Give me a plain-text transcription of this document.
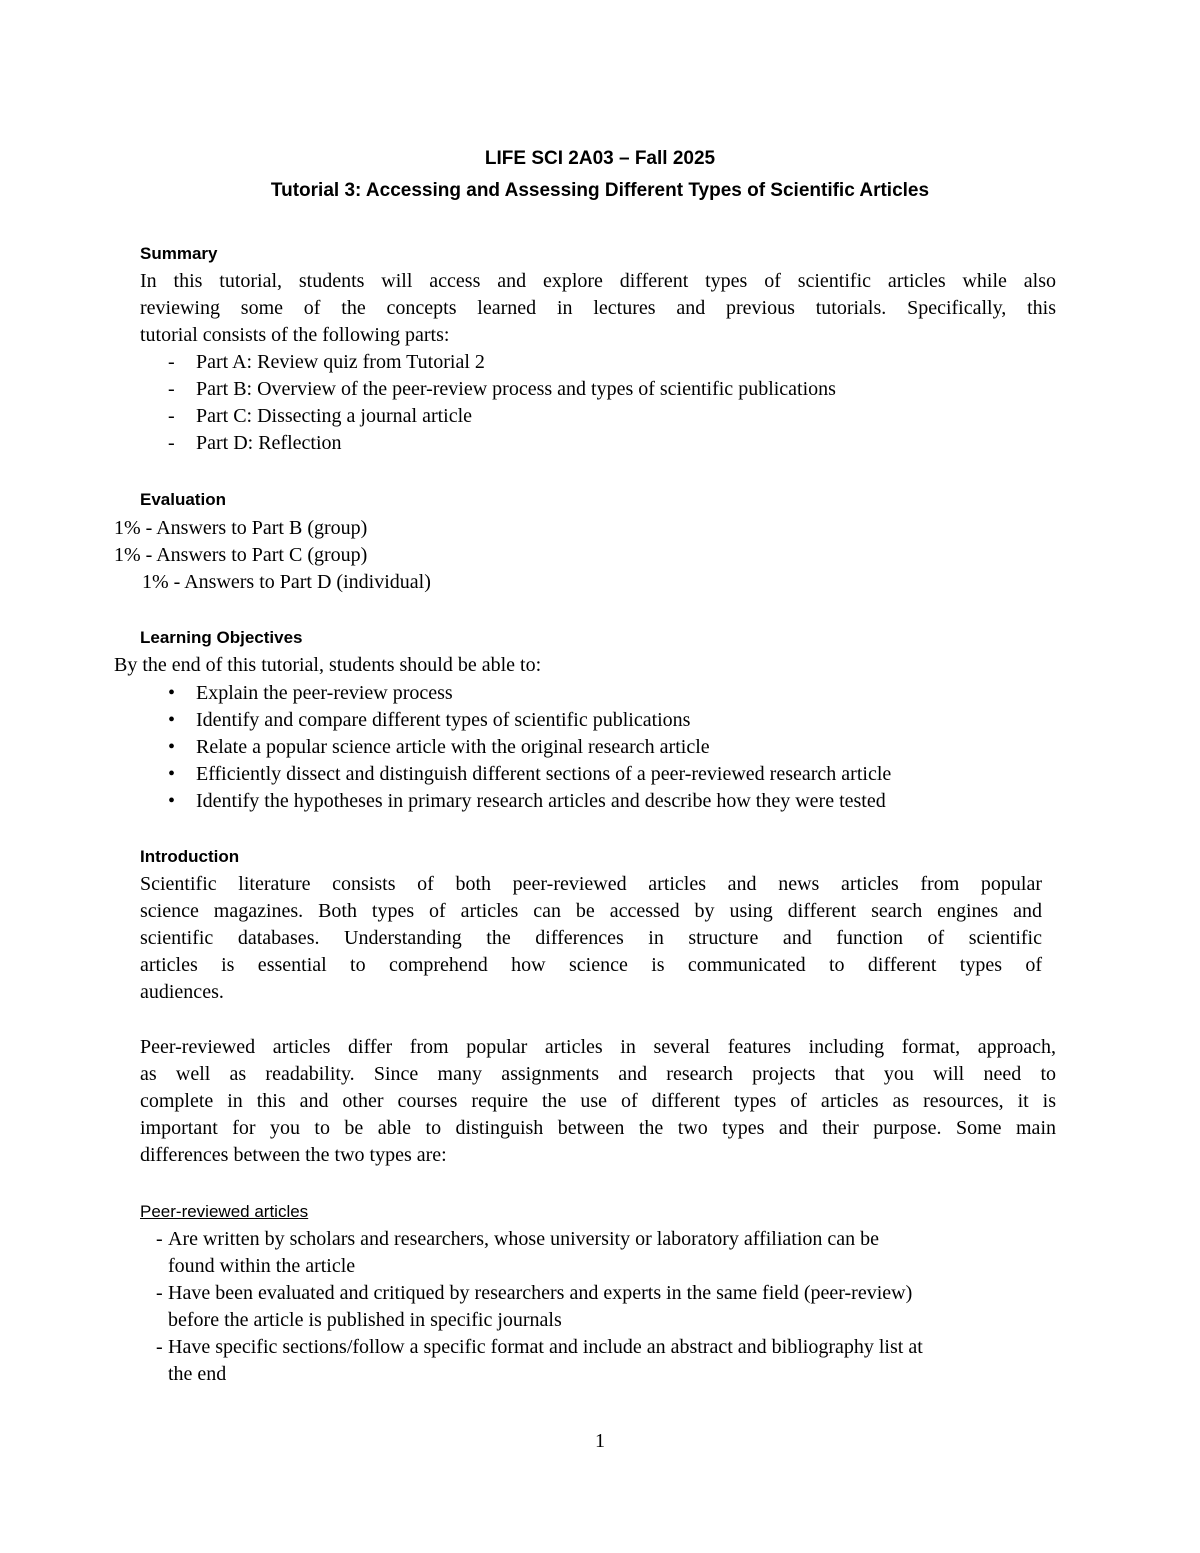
LIFE SCI 2A03 – Fall 2025
Tutorial 3: Accessing and Assessing Different Types of Scientific Articles
Summary
In this tutorial, students will access and explore different types of scientific articles while also
reviewing some of the concepts learned in lectures and previous tutorials. Specifically, this
tutorial consists of the following parts:
-	Part A: Review quiz from Tutorial 2
-	Part B: Overview of the peer-review process and types of scientific publications
-	Part C: Dissecting a journal article
-	Part D: Reflection
Evaluation
1% - Answers to Part B (group)
1% - Answers to Part C (group)
1% - Answers to Part D (individual)
Learning Objectives
By the end of this tutorial, students should be able to:
•	Explain the peer-review process
•	Identify and compare different types of scientific publications
•	Relate a popular science article with the original research article
•	Efficiently dissect and distinguish different sections of a peer-reviewed research article
•	Identify the hypotheses in primary research articles and describe how they were tested
Introduction
Scientific literature consists of both peer-reviewed articles and news articles from popular
science magazines. Both types of articles can be accessed by using different search engines and
scientific databases. Understanding the differences in structure and function of scientific
articles is essential to comprehend how science is communicated to different types of
audiences.
Peer-reviewed articles differ from popular articles in several features including format, approach,
as well as readability. Since many assignments and research projects that you will need to
complete in this and other courses require the use of different types of articles as resources, it is
important for you to be able to distinguish between the two types and their purpose. Some main
differences between the two types are:
Peer-reviewed articles
- Are written by scholars and researchers, whose university or laboratory affiliation can be
found within the article
- Have been evaluated and critiqued by researchers and experts in the same field (peer-review)
before the article is published in specific journals
- Have specific sections/follow a specific format and include an abstract and bibliography list at
the end
1
